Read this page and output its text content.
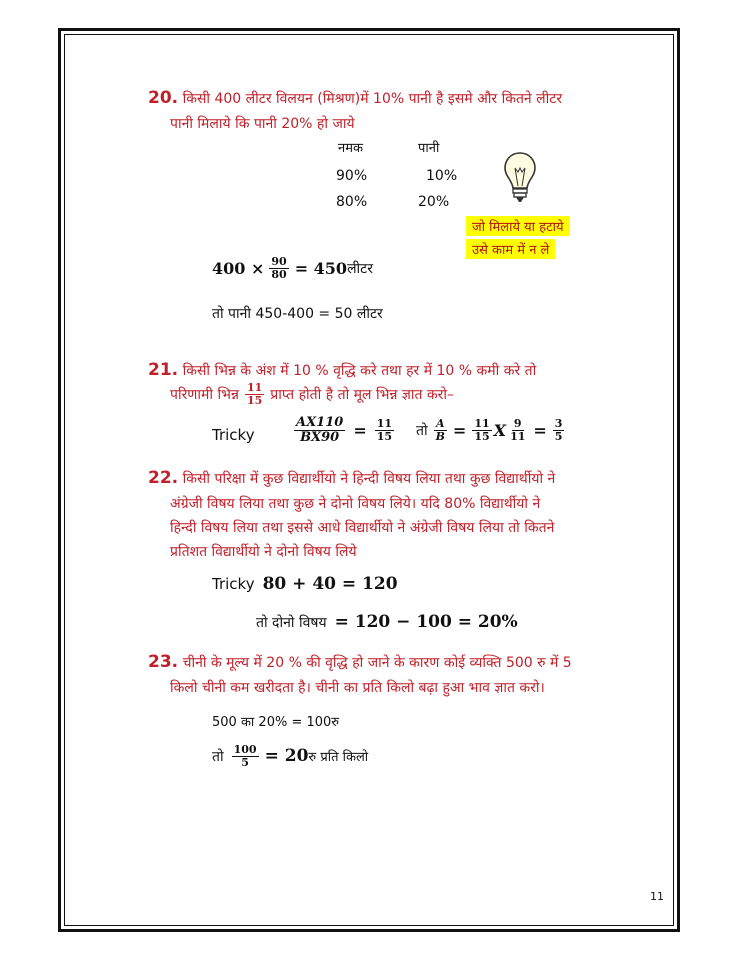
20. किसी 400 लीटर विलयन (मिश्रण)में 10% पानी है इसमे और कितने लीटर
पानी मिलाये कि पानी 20% हो जाये
नमक	पानी
90%	10%
80%	20%
जो मिलाये या हटाये
उसे काम में न ले
$400 \times \frac{90}{80} = 450$ लीटर
तो पानी 450-400 = 50 लीटर
21. किसी भिन्न के अंश में 10 % वृद्धि करे तथा हर में 10 % कमी करे तो
परिणामी भिन्न $\frac{11}{15}$ प्राप्त होती है तो मूल भिन्न ज्ञात करो–
Tricky	$\frac{AX110}{BX90} = \frac{11}{15}$ तो $\frac{A}{B} = \frac{11}{15}$ X $\frac{9}{11} = \frac{3}{5}$
22. किसी परिक्षा में कुछ विद्यार्थीयो ने हिन्दी विषय लिया तथा कुछ विद्यार्थीयो ने
अंग्रेजी विषय लिया तथा कुछ ने दोनो विषय लिये। यदि 80% विद्यार्थीयो ने
हिन्दी विषय लिया तथा इससे आधे विद्यार्थीयो ने अंग्रेजी विषय लिया तो कितने
प्रतिशत विद्यार्थीयो ने दोनो विषय लिये
Tricky 80 + 40 = 120
तो दोनो विषय = 120 − 100 = 20%
23. चीनी के मूल्य में 20 % की वृद्धि हो जाने के कारण कोई व्यक्ति 500 रु में 5
किलो चीनी कम खरीदता है। चीनी का प्रति किलो बढ़ा हुआ भाव ज्ञात करो।
500 का 20% = 100रु
तो $\frac{100}{5} = 20$ रु प्रति किलो
11
